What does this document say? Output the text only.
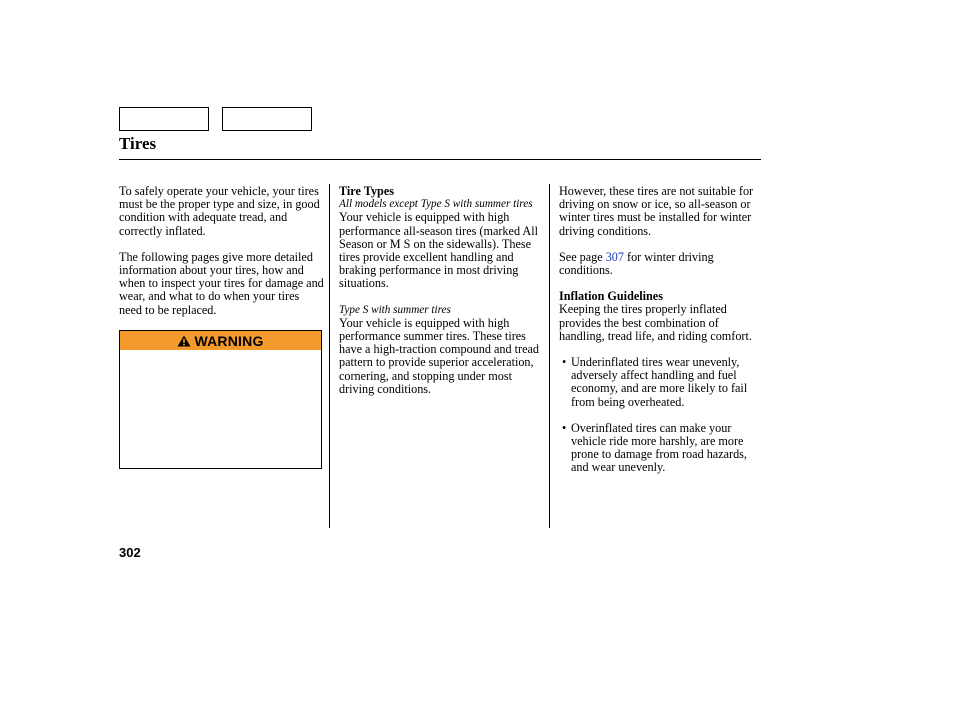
Tires

To safely operate your vehicle, your tires must be the proper type and size, in good condition with adequate tread, and correctly inflated.

The following pages give more detailed information about your tires, how and when to inspect your tires for damage and wear, and what to do when your tires need to be replaced.

WARNING

Tire Types

All models except Type S with summer tires

Your vehicle is equipped with high performance all-season tires (marked All Season or M S on the sidewalls). These tires provide excellent handling and braking performance in most driving situations.

Type S with summer tires

Your vehicle is equipped with high performance summer tires. These tires have a high-traction compound and tread pattern to provide superior acceleration, cornering, and stopping under most driving conditions.

However, these tires are not suitable for driving on snow or ice, so all-season or winter tires must be installed for winter driving conditions.

See page 307 for winter driving conditions.

Inflation Guidelines

Keeping the tires properly inflated provides the best combination of handling, tread life, and riding comfort.

• Underinflated tires wear unevenly, adversely affect handling and fuel economy, and are more likely to fail from being overheated.
• Overinflated tires can make your vehicle ride more harshly, are more prone to damage from road hazards, and wear unevenly.
302
